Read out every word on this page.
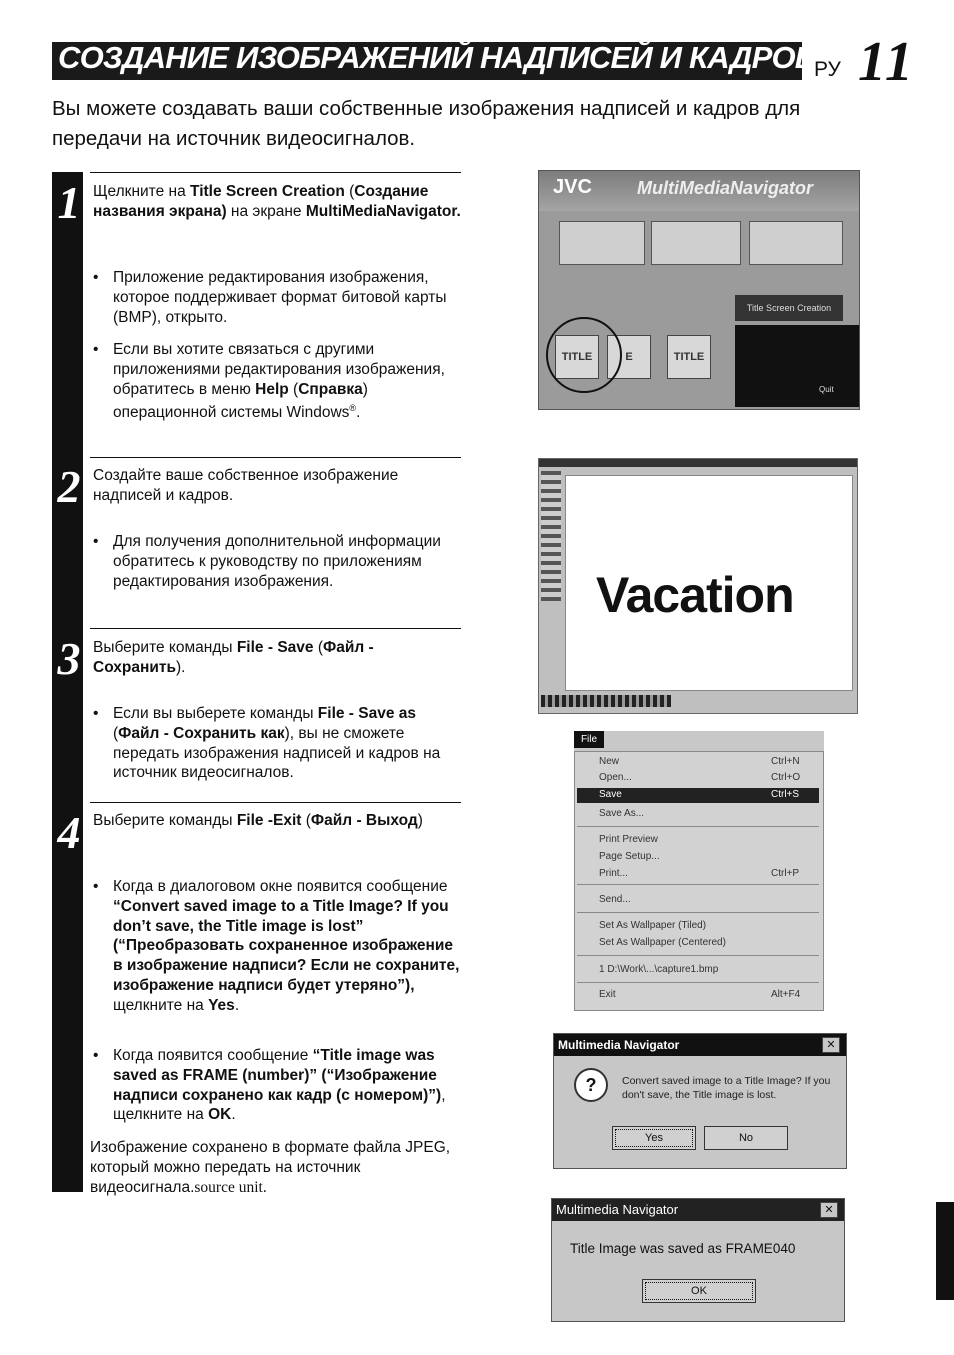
СОЗДАНИЕ ИЗОБРАЖЕНИЙ НАДПИСЕЙ И КАДРОВ
РУ 11
Вы можете создавать ваши собственные изображения надписей и кадров для передачи на источник видеосигналов.
1 Щелкните на Title Screen Creation (Создание названия экрана) на экране MultiMediaNavigator.
• Приложение редактирования изображения, которое поддерживает формат битовой карты (BMP), открыто.
• Если вы хотите связаться с другими приложениями редактирования изображения, обратитесь в меню Help (Справка) операционной системы Windows®.
2 Создайте ваше собственное изображение надписей и кадров.
• Для получения дополнительной информации обратитесь к руководству по приложениям редактирования изображения.
3 Выберите команды File - Save (Файл - Сохранить).
• Если вы выберете команды File - Save as (Файл - Сохранить как), вы не сможете передать изображения надписей и кадров на источник видеосигналов.
4 Выберите команды File -Exit (Файл - Выход)
• Когда в диалоговом окне появится сообщение “Convert saved image to a Title Image? If you don’t save, the Title image is lost” (“Преобразовать сохраненное изображение в изображение надписи? Если не сохраните, изображение надписи будет утеряно”), щелкните на Yes.
• Когда появится сообщение “Title image was saved as FRAME (number)” (“Изображение надписи сохранено как кадр (с номером)”), щелкните на OK.
Изображение сохранено в формате файла JPEG, который можно передать на источник видеосигнала.source unit.
JVC	MultiMediaNavigator
Title Screen Creation
Quit
TITLE	E	TITLE
Vacation
File
New	Ctrl+N
Open...	Ctrl+O
Save	Ctrl+S
Save As...
Print Preview
Page Setup...
Print...	Ctrl+P
Send...
Set As Wallpaper (Tiled)
Set As Wallpaper (Centered)
1 D:\Work\...\capture1.bmp
Exit	Alt+F4
Multimedia Navigator	✕
?	Convert saved image to a Title Image? If you don't save, the Title image is lost.
Yes	No
Multimedia Navigator	✕
Title Image was saved as FRAME040
OK
